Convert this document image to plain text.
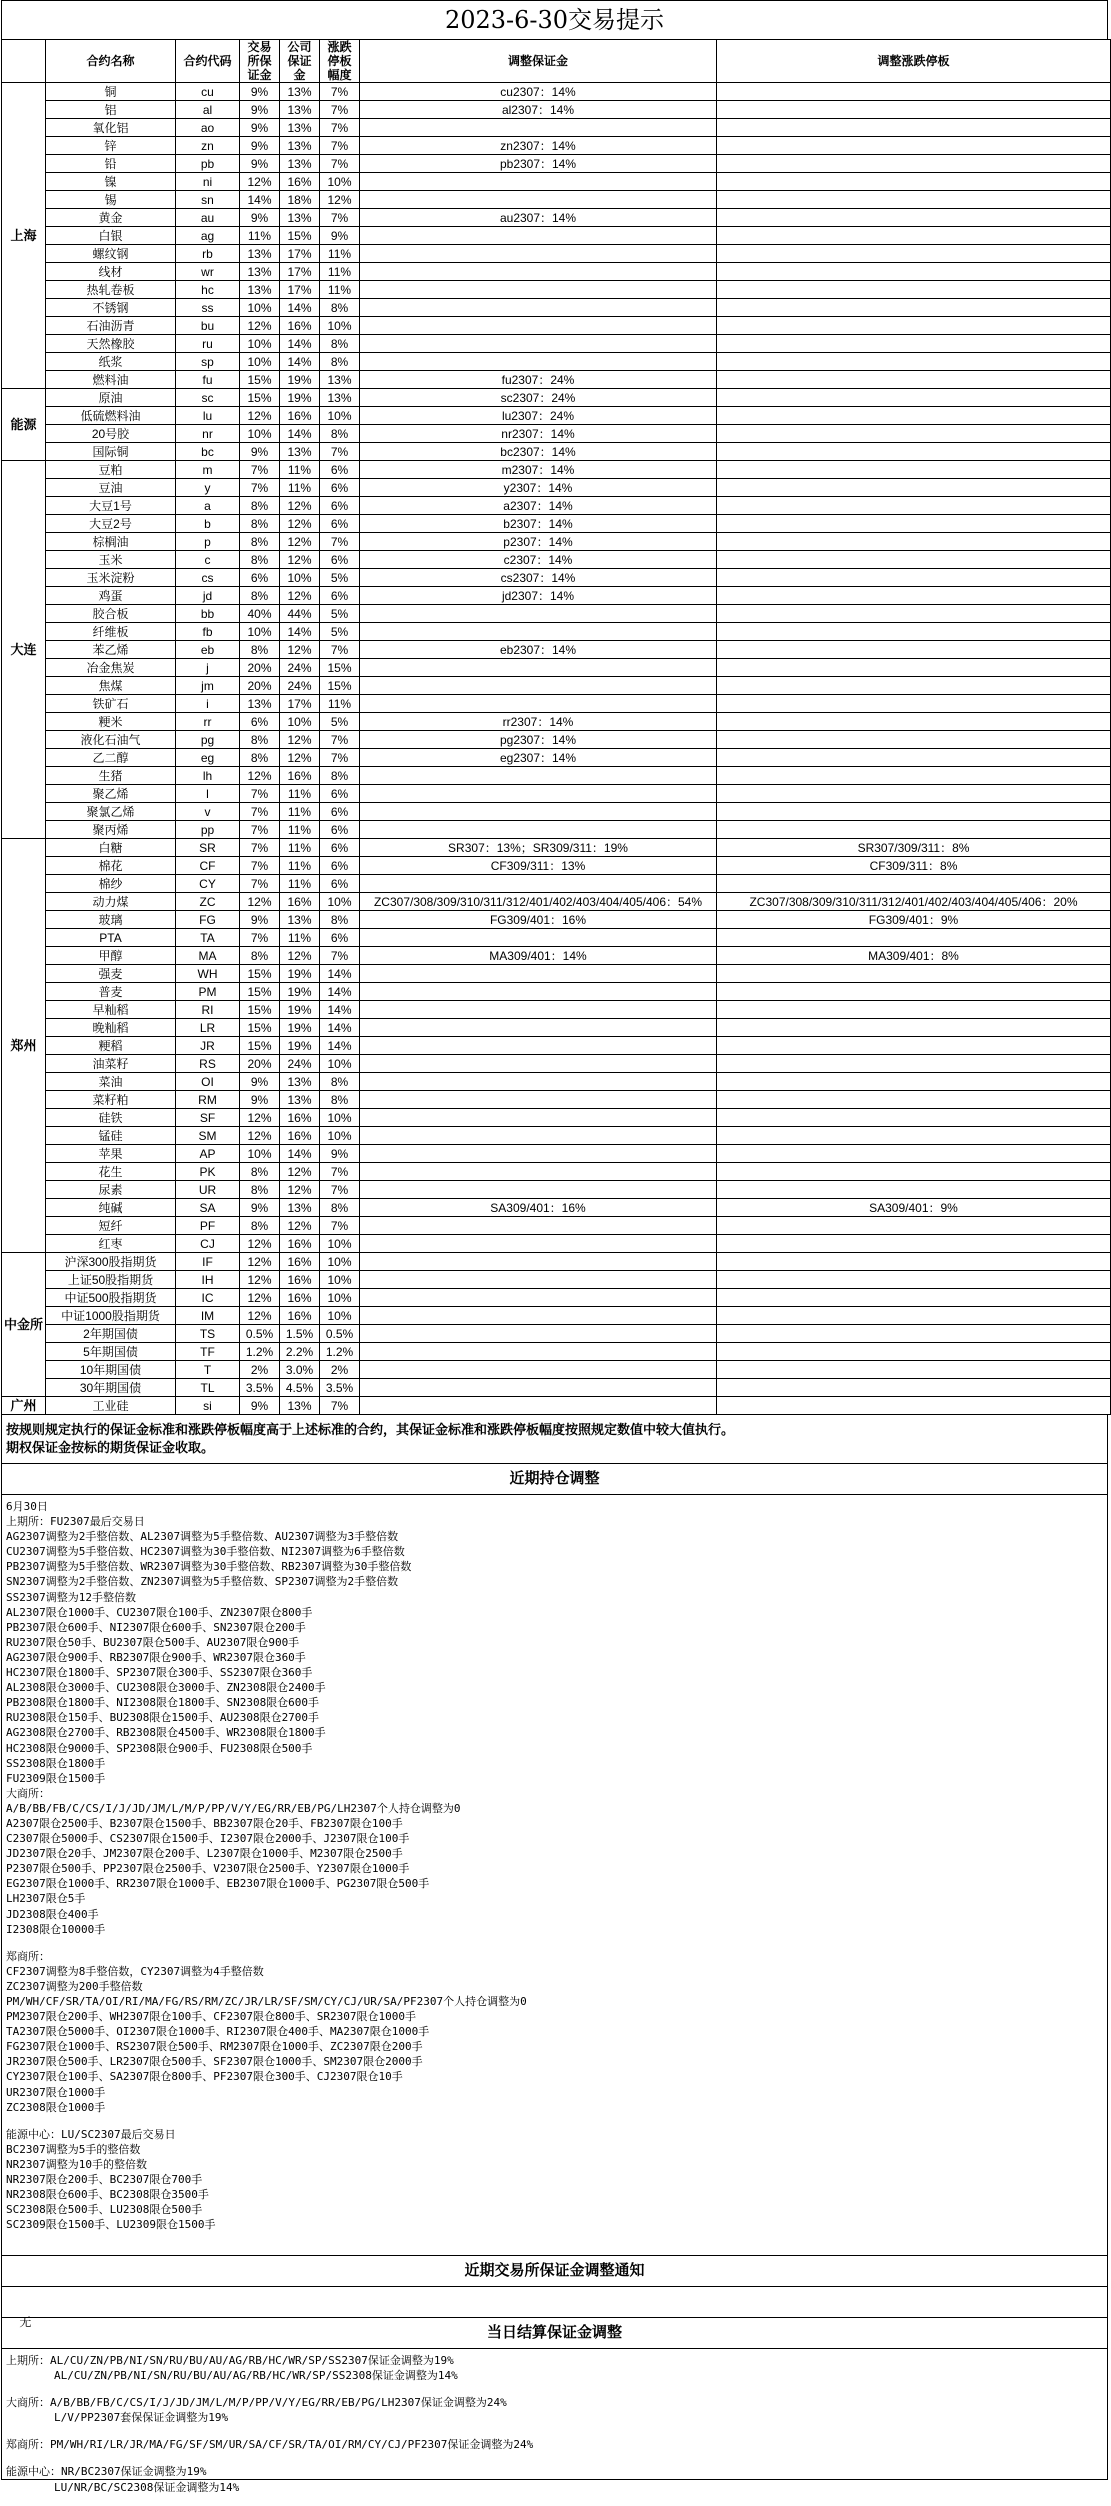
2023-6-30交易提示
	合约名称	合约代码	交易所保证金	公司保证金	涨跌停板幅度	调整保证金	调整涨跌停板
上海	铜	cu	9%	13%	7%	cu2307：14%	
	铝	al	9%	13%	7%	al2307：14%	
	氧化铝	ao	9%	13%	7%		
	锌	zn	9%	13%	7%	zn2307：14%	
	铅	pb	9%	13%	7%	pb2307：14%	
	镍	ni	12%	16%	10%		
	锡	sn	14%	18%	12%		
	黄金	au	9%	13%	7%	au2307：14%	
	白银	ag	11%	15%	9%		
	螺纹钢	rb	13%	17%	11%		
	线材	wr	13%	17%	11%		
	热轧卷板	hc	13%	17%	11%		
	不锈钢	ss	10%	14%	8%		
	石油沥青	bu	12%	16%	10%		
	天然橡胶	ru	10%	14%	8%		
	纸浆	sp	10%	14%	8%		
	燃料油	fu	15%	19%	13%	fu2307：24%	
能源	原油	sc	15%	19%	13%	sc2307：24%	
	低硫燃料油	lu	12%	16%	10%	lu2307：24%	
	20号胶	nr	10%	14%	8%	nr2307：14%	
	国际铜	bc	9%	13%	7%	bc2307：14%	
大连	豆粕	m	7%	11%	6%	m2307：14%	
	豆油	y	7%	11%	6%	y2307：14%	
	大豆1号	a	8%	12%	6%	a2307：14%	
	大豆2号	b	8%	12%	6%	b2307：14%	
	棕榈油	p	8%	12%	7%	p2307：14%	
	玉米	c	8%	12%	6%	c2307：14%	
	玉米淀粉	cs	6%	10%	5%	cs2307：14%	
	鸡蛋	jd	8%	12%	6%	jd2307：14%	
	胶合板	bb	40%	44%	5%		
	纤维板	fb	10%	14%	5%		
	苯乙烯	eb	8%	12%	7%	eb2307：14%	
	冶金焦炭	j	20%	24%	15%		
	焦煤	jm	20%	24%	15%		
	铁矿石	i	13%	17%	11%		
	粳米	rr	6%	10%	5%	rr2307：14%	
	液化石油气	pg	8%	12%	7%	pg2307：14%	
	乙二醇	eg	8%	12%	7%	eg2307：14%	
	生猪	lh	12%	16%	8%		
	聚乙烯	l	7%	11%	6%		
	聚氯乙烯	v	7%	11%	6%		
	聚丙烯	pp	7%	11%	6%		
郑州	白糖	SR	7%	11%	6%	SR307：13%；SR309/311：19%	SR307/309/311：8%
	棉花	CF	7%	11%	6%	CF309/311：13%	CF309/311：8%
	棉纱	CY	7%	11%	6%		
	动力煤	ZC	12%	16%	10%	ZC307/308/309/310/311/312/401/402/403/404/405/406：54%	ZC307/308/309/310/311/312/401/402/403/404/405/406：20%
	玻璃	FG	9%	13%	8%	FG309/401：16%	FG309/401：9%
	PTA	TA	7%	11%	6%		
	甲醇	MA	8%	12%	7%	MA309/401：14%	MA309/401：8%
	强麦	WH	15%	19%	14%		
	普麦	PM	15%	19%	14%		
	早籼稻	RI	15%	19%	14%		
	晚籼稻	LR	15%	19%	14%		
	粳稻	JR	15%	19%	14%		
	油菜籽	RS	20%	24%	10%		
	菜油	OI	9%	13%	8%		
	菜籽粕	RM	9%	13%	8%		
	硅铁	SF	12%	16%	10%		
	锰硅	SM	12%	16%	10%		
	苹果	AP	10%	14%	9%		
	花生	PK	8%	12%	7%		
	尿素	UR	8%	12%	7%		
	纯碱	SA	9%	13%	8%	SA309/401：16%	SA309/401：9%
	短纤	PF	8%	12%	7%		
	红枣	CJ	12%	16%	10%		
中金所	沪深300股指期货	IF	12%	16%	10%		
	上证50股指期货	IH	12%	16%	10%		
	中证500股指期货	IC	12%	16%	10%		
	中证1000股指期货	IM	12%	16%	10%		
	2年期国债	TS	0.5%	1.5%	0.5%		
	5年期国债	TF	1.2%	2.2%	1.2%		
	10年期国债	T	2%	3.0%	2%		
	30年期国债	TL	3.5%	4.5%	3.5%		
广州	工业硅	si	9%	13%	7%		
按规则规定执行的保证金标准和涨跌停板幅度高于上述标准的合约，其保证金标准和涨跌停板幅度按照规定数值中较大值执行。
期权保证金按标的期货保证金收取。
近期持仓调整
6月30日
上期所：FU2307最后交易日
AG2307调整为2手整倍数、AL2307调整为5手整倍数、AU2307调整为3手整倍数
CU2307调整为5手整倍数、HC2307调整为30手整倍数、NI2307调整为6手整倍数
PB2307调整为5手整倍数、WR2307调整为30手整倍数、RB2307调整为30手整倍数
SN2307调整为2手整倍数、ZN2307调整为5手整倍数、SP2307调整为2手整倍数
SS2307调整为12手整倍数
AL2307限仓1000手、CU2307限仓100手、ZN2307限仓800手
PB2307限仓600手、NI2307限仓600手、SN2307限仓200手
RU2307限仓50手、BU2307限仓500手、AU2307限仓900手
AG2307限仓900手、RB2307限仓900手、WR2307限仓360手
HC2307限仓1800手、SP2307限仓300手、SS2307限仓360手
AL2308限仓3000手、CU2308限仓3000手、ZN2308限仓2400手
PB2308限仓1800手、NI2308限仓1800手、SN2308限仓600手
RU2308限仓150手、BU2308限仓1500手、AU2308限仓2700手
AG2308限仓2700手、RB2308限仓4500手、WR2308限仓1800手
HC2308限仓9000手、SP2308限仓900手、FU2308限仓500手
SS2308限仓1800手
FU2309限仓1500手
大商所：
A/B/BB/FB/C/CS/I/J/JD/JM/L/M/P/PP/V/Y/EG/RR/EB/PG/LH2307个人持仓调整为0
A2307限仓2500手、B2307限仓1500手、BB2307限仓20手、FB2307限仓100手
C2307限仓5000手、CS2307限仓1500手、I2307限仓2000手、J2307限仓100手
JD2307限仓20手、JM2307限仓200手、L2307限仓1000手、M2307限仓2500手
P2307限仓500手、PP2307限仓2500手、V2307限仓2500手、Y2307限仓1000手
EG2307限仓1000手、RR2307限仓1000手、EB2307限仓1000手、PG2307限仓500手
LH2307限仓5手
JD2308限仓400手
I2308限仓10000手
郑商所：
CF2307调整为8手整倍数，CY2307调整为4手整倍数
ZC2307调整为200手整倍数
PM/WH/CF/SR/TA/OI/RI/MA/FG/RS/RM/ZC/JR/LR/SF/SM/CY/CJ/UR/SA/PF2307个人持仓调整为0
PM2307限仓200手、WH2307限仓100手、CF2307限仓800手、SR2307限仓1000手
TA2307限仓5000手、OI2307限仓1000手、RI2307限仓400手、MA2307限仓1000手
FG2307限仓1000手、RS2307限仓500手、RM2307限仓1000手、ZC2307限仓200手
JR2307限仓500手、LR2307限仓500手、SF2307限仓1000手、SM2307限仓2000手
CY2307限仓100手、SA2307限仓800手、PF2307限仓300手、CJ2307限仓10手
UR2307限仓1000手
ZC2308限仓1000手
能源中心：LU/SC2307最后交易日
BC2307调整为5手的整倍数
NR2307调整为10手的整倍数
NR2307限仓200手、BC2307限仓700手
NR2308限仓600手、BC2308限仓3500手
SC2308限仓500手、LU2308限仓500手
SC2309限仓1500手、LU2309限仓1500手
近期交易所保证金调整通知

无

当日结算保证金调整
上期所：AL/CU/ZN/PB/NI/SN/RU/BU/AU/AG/RB/HC/WR/SP/SS2307保证金调整为19%
AL/CU/ZN/PB/NI/SN/RU/BU/AU/AG/RB/HC/WR/SP/SS2308保证金调整为14%
大商所：A/B/BB/FB/C/CS/I/J/JD/JM/L/M/P/PP/V/Y/EG/RR/EB/PG/LH2307保证金调整为24%
L/V/PP2307套保保证金调整为19%
郑商所：PM/WH/RI/LR/JR/MA/FG/SF/SM/UR/SA/CF/SR/TA/OI/RM/CY/CJ/PF2307保证金调整为24%
能源中心：NR/BC2307保证金调整为19%
LU/NR/BC/SC2308保证金调整为14%
